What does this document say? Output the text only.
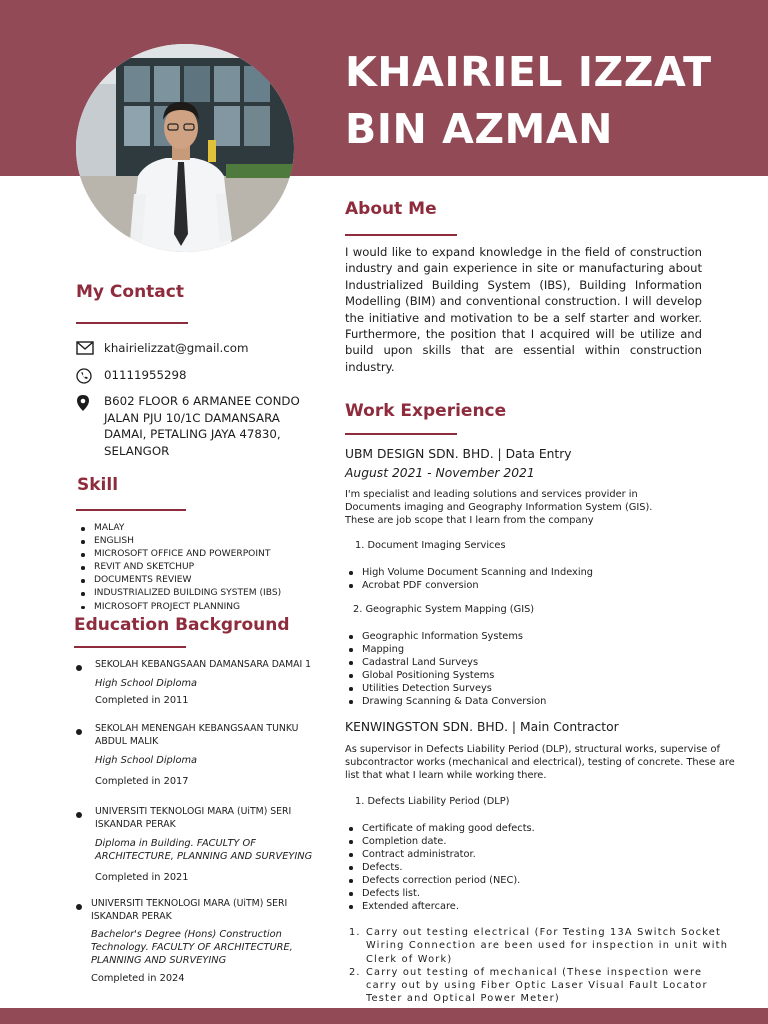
KHAIRIEL IZZAT
BIN AZMAN
About Me
I would like to expand knowledge in the field of construction industry and gain experience in site or manufacturing about Industrialized Building System (IBS), Building Information Modelling (BIM) and conventional construction. I will develop the initiative and motivation to be a self starter and worker. Furthermore, the position that I acquired will be utilize and build upon skills that are essential within construction industry.
My Contact
khairielizzat@gmail.com
01111955298
B602 FLOOR 6 ARMANEE CONDO
JALAN PJU 10/1C DAMANSARA
DAMAI, PETALING JAYA 47830,
SELANGOR
Skill
MALAY
ENGLISH
MICROSOFT OFFICE AND POWERPOINT
REVIT AND SKETCHUP
DOCUMENTS REVIEW
INDUSTRIALIZED BUILDING SYSTEM (IBS)
MICROSOFT PROJECT PLANNING
Education Background
SEKOLAH KEBANGSAAN DAMANSARA DAMAI 1
High School Diploma
Completed in 2011
SEKOLAH MENENGAH KEBANGSAAN TUNKU ABDUL MALIK
High School Diploma
Completed in 2017
UNIVERSITI TEKNOLOGI MARA (UiTM) SERI ISKANDAR PERAK
Diploma in Building. FACULTY OF ARCHITECTURE, PLANNING AND SURVEYING
Completed in 2021
UNIVERSITI TEKNOLOGI MARA (UiTM) SERI ISKANDAR PERAK
Bachelor's Degree (Hons) Construction Technology. FACULTY OF ARCHITECTURE, PLANNING AND SURVEYING
Completed in 2024
Work Experience
UBM DESIGN SDN. BHD. | Data Entry
August 2021 - November 2021
I'm specialist and leading solutions and services provider in
Documents imaging and Geography Information System (GIS).
These are job scope that I learn from the company
1. Document Imaging Services
High Volume Document Scanning and Indexing
Acrobat PDF conversion
2. Geographic System Mapping (GIS)
Geographic Information Systems
Mapping
Cadastral Land Surveys
Global Positioning Systems
Utilities Detection Surveys
Drawing Scanning & Data Conversion
KENWINGSTON SDN. BHD. | Main Contractor
As supervisor in Defects Liability Period (DLP), structural works, supervise of
subcontractor works (mechanical and electrical), testing of concrete. These are
list that what I learn while working there.
1. Defects Liability Period (DLP)
Certificate of making good defects.
Completion date.
Contract administrator.
Defects.
Defects correction period (NEC).
Defects list.
Extended aftercare.
1. Carry out testing electrical (For Testing 13A Switch Socket
Wiring Connection are been used for inspection in unit with
Clerk of Work)
2. Carry out testing of mechanical (These inspection were
carry out by using Fiber Optic Laser Visual Fault Locator
Tester and Optical Power Meter)
